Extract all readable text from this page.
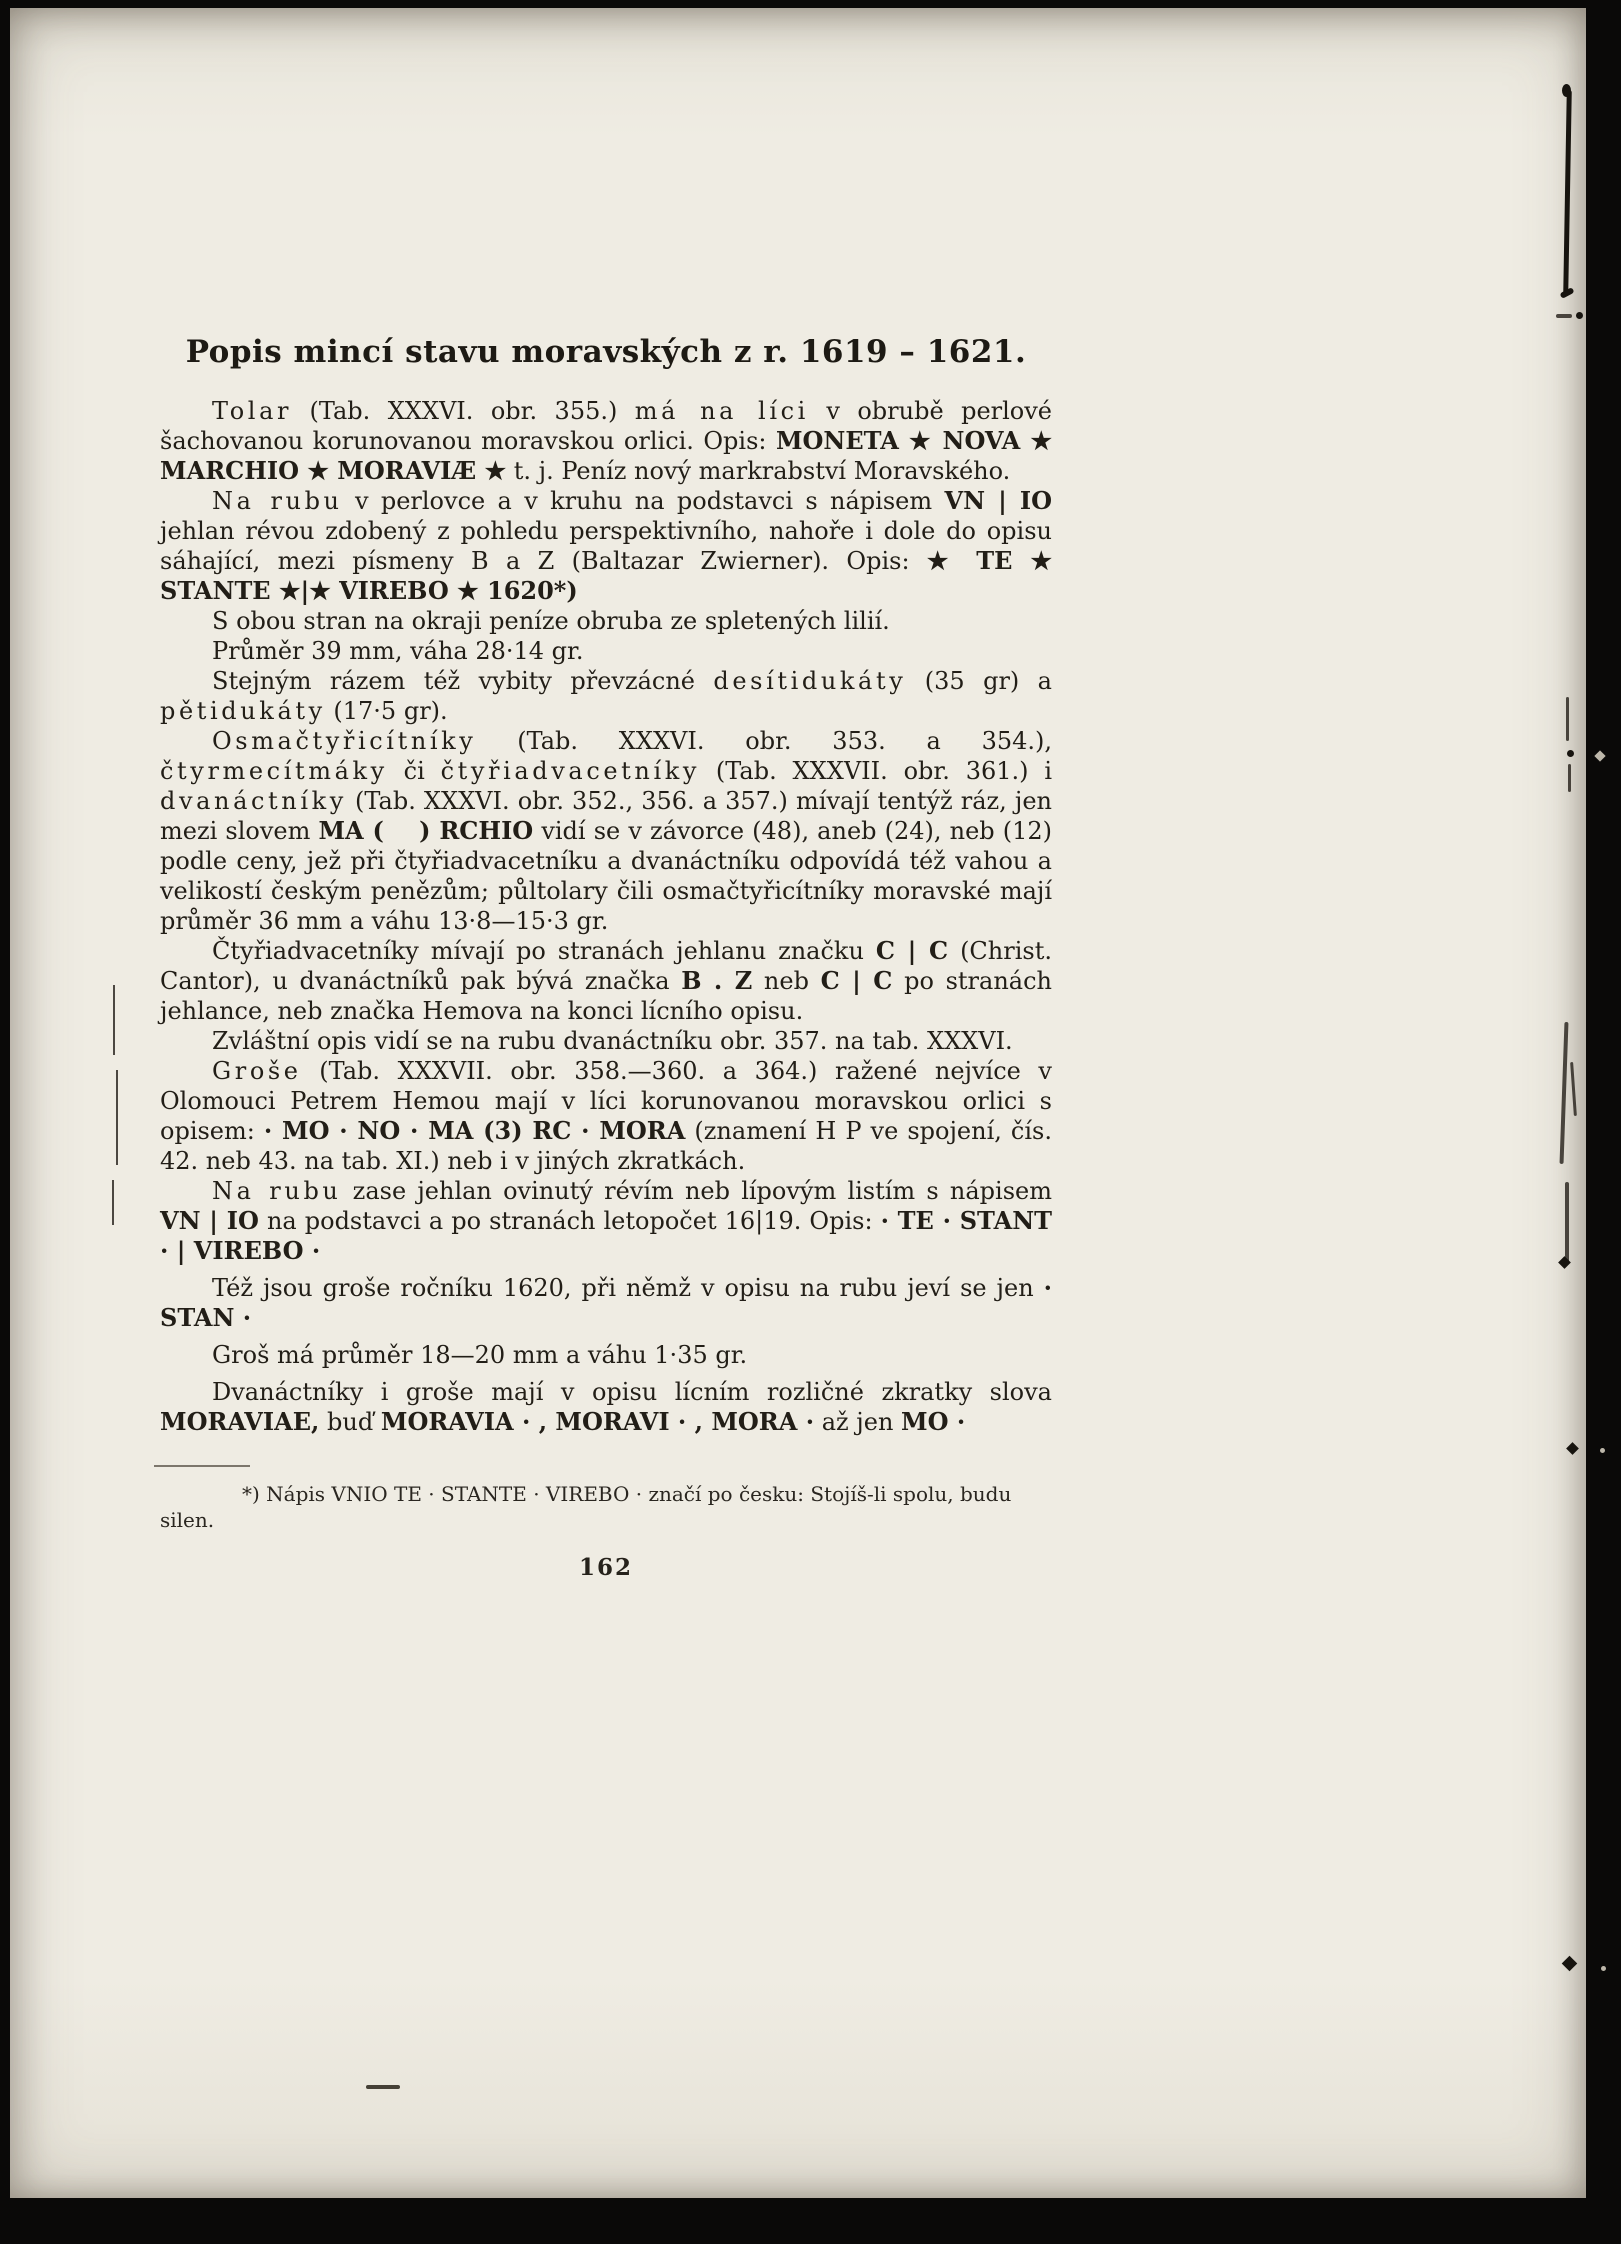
Popis mincí stavu moravských z r. 1619 – 1621.

Tolar (Tab. XXXVI. obr. 355.) má na líci v obrubě perlové šachovanou korunovanou moravskou orlici. Opis: MONETA ★ NOVA ★ MARCHIO ★ MORAVIÆ ★ t. j. Peníz nový markrabství Moravského.

Na rubu v perlovce a v kruhu na podstavci s nápisem VN | IO jehlan révou zdobený z pohledu perspektivního, nahoře i dole do opisu sáhající, mezi písmeny B a Z (Baltazar Zwierner). Opis: ★ TE ★ STANTE ★|★ VIREBO ★ 1620*)

S obou stran na okraji peníze obruba ze spletených lilií.

Průměr 39 mm, váha 28·14 gr.

Stejným rázem též vybity převzácné desítidukáty (35 gr) a pětidukáty (17·5 gr).

Osmačtyřicítníky (Tab. XXXVI. obr. 353. a 354.), čtyrmecítmáky či čtyřiadvacetníky (Tab. XXXVII. obr. 361.) i dvanáctníky (Tab. XXXVI. obr. 352., 356. a 357.) mívají tentýž ráz, jen mezi slovem MA (    ) RCHIO vidí se v závorce (48), aneb (24), neb (12) podle ceny, jež při čtyřiadvacetníku a dvanáctníku odpovídá též vahou a velikostí českým penězům; půltolary čili osmačtyřicítníky moravské mají průměr 36 mm a váhu 13·8—15·3 gr.

Čtyřiadvacetníky mívají po stranách jehlanu značku C | C (Christ. Cantor), u dvanáctníků pak bývá značka B . Z neb C | C po stranách jehlance, neb značka Hemova na konci lícního opisu.

Zvláštní opis vidí se na rubu dvanáctníku obr. 357. na tab. XXXVI.

Groše (Tab. XXXVII. obr. 358.—360. a 364.) ražené nejvíce v Olomouci Petrem Hemou mají v líci korunovanou moravskou orlici s opisem: · MO · NO · MA (3) RC · MORA (znamení H P ve spojení, čís. 42. neb 43. na tab. XI.) neb i v jiných zkratkách.

Na rubu zase jehlan ovinutý révím neb lípovým listím s nápisem VN | IO na podstavci a po stranách letopočet 16|19. Opis: · TE · STANT · | VIREBO ·

Též jsou groše ročníku 1620, při němž v opisu na rubu jeví se jen · STAN ·

Groš má průměr 18—20 mm a váhu 1·35 gr.

Dvanáctníky i groše mají v opisu lícním rozličné zkratky slova MORAVIAE, buď MORAVIA · , MORAVI · , MORA · až jen MO ·

*) Nápis VNIO TE · STANTE · VIREBO · značí po česku: Stojíš-li spolu, budu silen.
162
